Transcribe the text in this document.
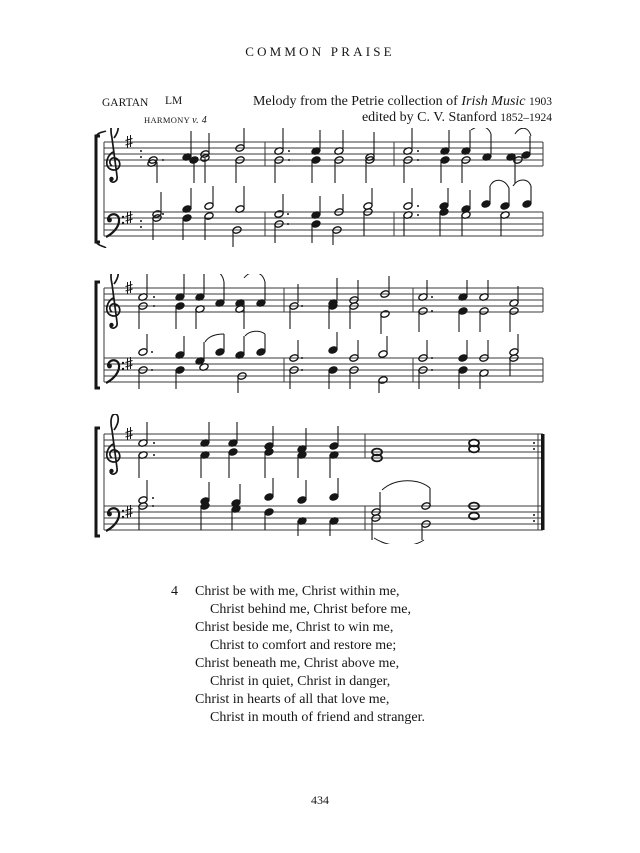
COMMON PRAISE
GARTAN LM	Melody from the Petrie collection of Irish Music 1903
edited by C. V. Stanford 1852–1924
HARMONY v. 4
4	Christ be with me, Christ within me,
Christ behind me, Christ before me,
Christ beside me, Christ to win me,
Christ to comfort and restore me;
Christ beneath me, Christ above me,
Christ in quiet, Christ in danger,
Christ in hearts of all that love me,
Christ in mouth of friend and stranger.
434
